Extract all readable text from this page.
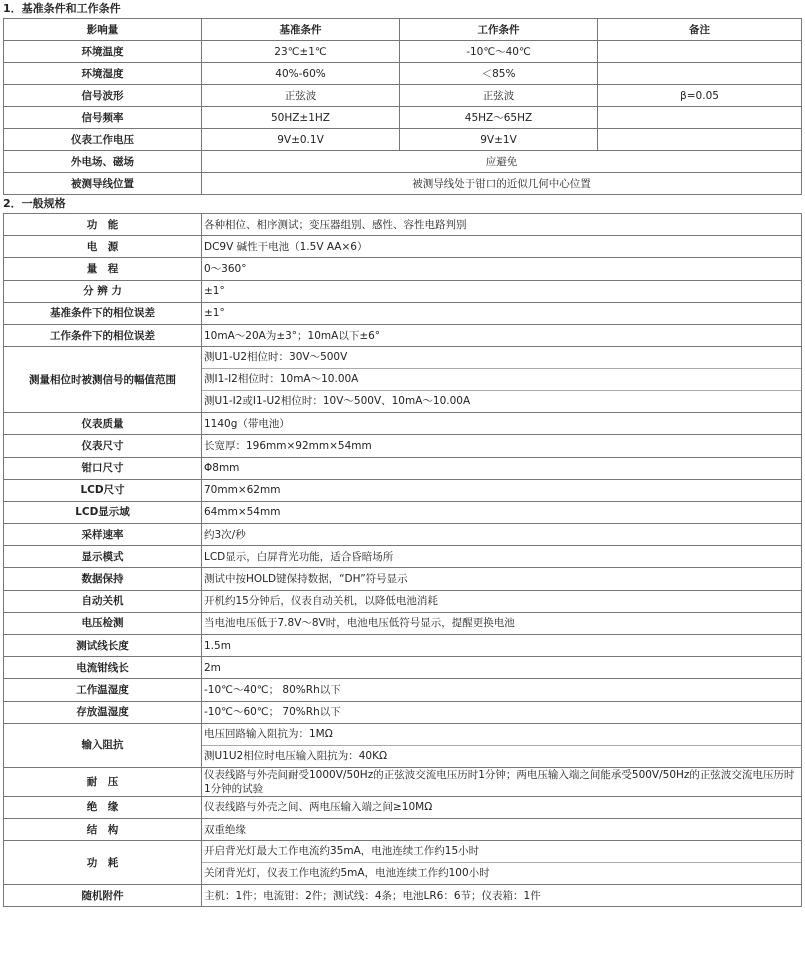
1．基准条件和工作条件
影响量	基准条件	工作条件	备注
环境温度	23℃±1℃	-10℃～40℃	
环境湿度	40%-60%	＜85%	
信号波形	正弦波	正弦波	β=0.05
信号频率	50HZ±1HZ	45HZ～65HZ	
仪表工作电压	9V±0.1V	9V±1V	
外电场、磁场	应避免		
被测导线位置	被测导线处于钳口的近似几何中心位置		
2．一般规格
功　能	各种相位、相序测试；变压器组别、感性、容性电路判别
电　源	DC9V 碱性干电池（1.5V AA×6）
量　程	0～360°
分 辨 力	±1°
基准条件下的相位误差	±1°
工作条件下的相位误差	10mA～20A为±3°；10mA以下±6°
测量相位时被测信号的幅值范围	测U1-U2相位时：30V～500V
测I1-I2相位时：10mA～10.00A
测U1-I2或I1-U2相位时：10V～500V、10mA～10.00A

仪表质量	1140g（带电池）
仪表尺寸	长宽厚：196mm×92mm×54mm
钳口尺寸	Φ8mm
LCD尺寸	70mm×62mm
LCD显示域	64mm×54mm
采样速率	约3次/秒
显示模式	LCD显示，白屏背光功能，适合昏暗场所
数据保持	测试中按HOLD键保持数据，“DH”符号显示
自动关机	开机约15分钟后，仪表自动关机，以降低电池消耗
电压检测	当电池电压低于7.8V～8V时，电池电压低符号显示，提醒更换电池
测试线长度	1.5m
电流钳线长	2m
工作温湿度	-10℃～40℃； 80%Rh以下
存放温湿度	-10℃～60℃； 70%Rh以下
输入阻抗	电压回路输入阻抗为：1MΩ
测U1U2相位时电压输入阻抗为：40KΩ

耐　压	仪表线路与外壳间耐受1000V/50Hz的正弦波交流电压历时1分钟；两电压输入端之间能承受500V/50Hz的正弦波交流电压历时 1分钟的试验
绝　缘	仪表线路与外壳之间、两电压输入端之间≥10MΩ
结　构	双重绝缘
功　耗	开启背光灯最大工作电流约35mA，电池连续工作约15小时
关闭背光灯，仪表工作电流约5mA，电池连续工作约100小时

随机附件	主机：1件；电流钳：2件；测试线：4条；电池LR6：6节；仪表箱：1件
